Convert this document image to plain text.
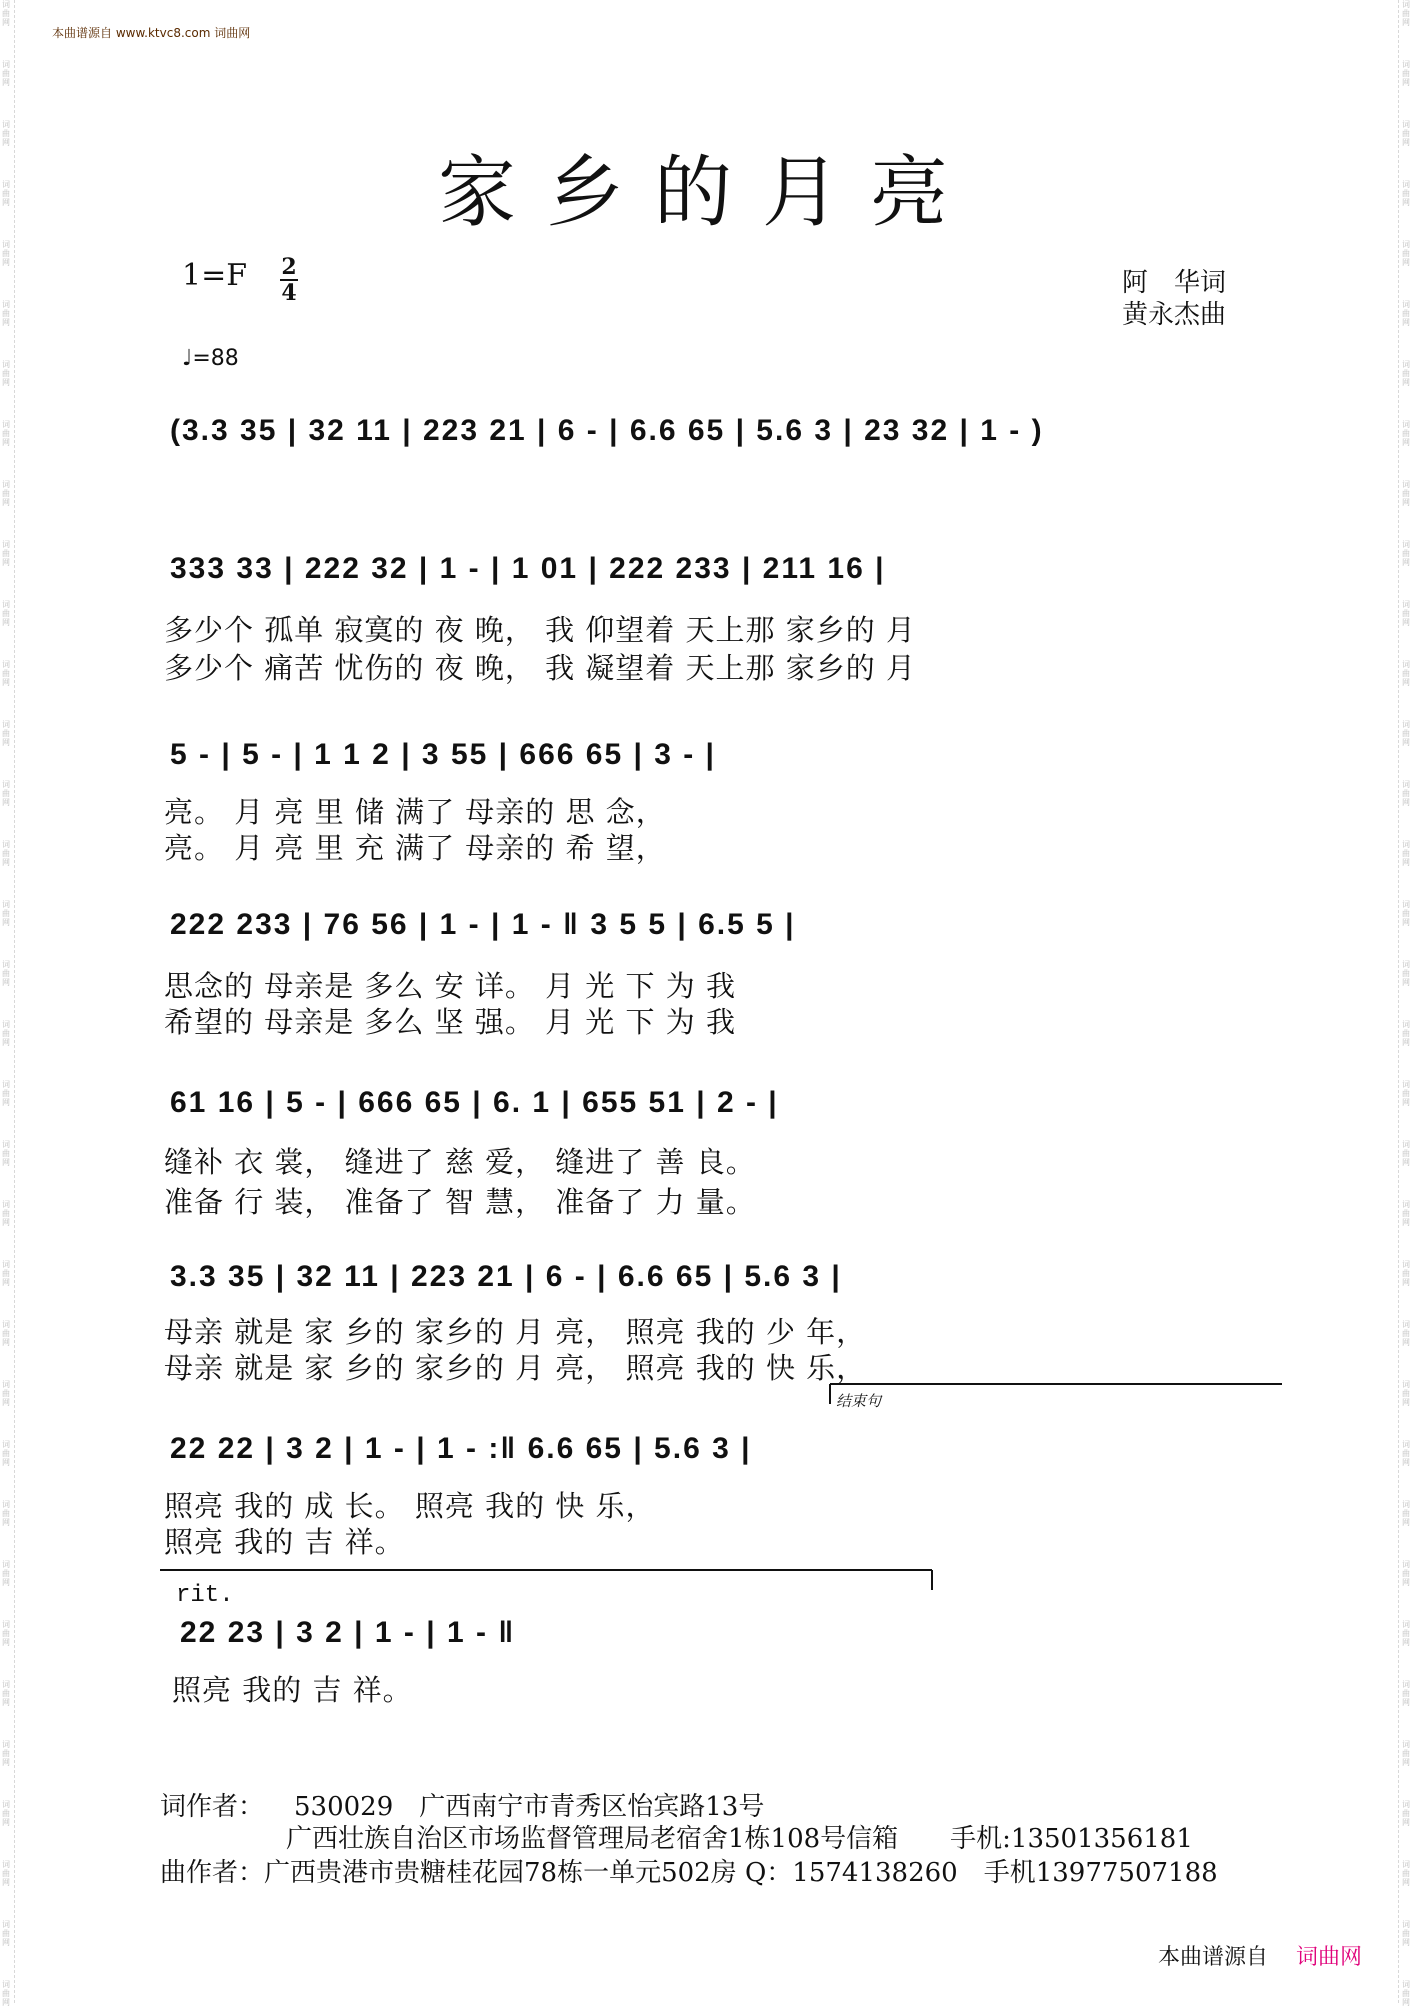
词
曲
网
词
曲
网
词
曲
网
词
曲
网
词
曲
网
词
曲
网
词
曲
网
词
曲
网
词
曲
网
词
曲
网
词
曲
网
词
曲
网
词
曲
网
词
曲
网
词
曲
网
词
曲
网
词
曲
网
词
曲
网
词
曲
网
词
曲
网
词
曲
网
词
曲
网
词
曲
网
词
曲
网
词
曲
网
词
曲
网
词
曲
网
词
曲
网
词
曲
网
词
曲
网
词
曲
网
词
曲
网
词
曲
网
词
曲
网
词
曲
网
词
曲
网
词
曲
网
词
曲
网
词
曲
网
词
曲
网
词
曲
网
词
曲
网
词
曲
网
词
曲
网
词
曲
网
词
曲
网
词
曲
网
词
曲
网
词
曲
网
词
曲
网
词
曲
网
词
曲
网
词
曲
网
词
曲
网
词
曲
网
词
曲
网
词
曲
网
词
曲
网
词
曲
网
词
曲
网
词
曲
网
词
曲
网
词
曲
网
词
曲
网
词
曲
网
词
曲
网
词
曲
网
词
曲
网
本曲谱源自 www.ktvc8.com 词曲网
家乡的月亮
1=F 2
4
♩=88
阿　华词
黄永杰曲
(3.3 35 | 32 11 | 223 21 | 6 - | 6.6 65 | 5.6 3 | 23 32 | 1 - )
333 33 | 222 32 | 1 - | 1 01 | 222 233 | 211 16 |
多少个 孤单 寂寞的 夜 晚， 我 仰望着 天上那 家乡的 月
多少个 痛苦 忧伤的 夜 晚， 我 凝望着 天上那 家乡的 月
5 - | 5 - | 1 1 2 | 3 55 | 666 65 | 3 - |
亮。 月 亮 里 储 满了 母亲的 思 念，
亮。 月 亮 里 充 满了 母亲的 希 望，
222 233 | 76 56 | 1 - | 1 - ‖ 3 5 5 | 6.5 5 |
思念的 母亲是 多么 安 详。 月 光 下 为 我
希望的 母亲是 多么 坚 强。 月 光 下 为 我
61 16 | 5 - | 666 65 | 6. 1 | 655 51 | 2 - |
缝补 衣 裳， 缝进了 慈 爱， 缝进了 善 良。
准备 行 装， 准备了 智 慧， 准备了 力 量。
3.3 35 | 32 11 | 223 21 | 6 - | 6.6 65 | 5.6 3 |
母亲 就是 家 乡的 家乡的 月 亮， 照亮 我的 少 年，
母亲 就是 家 乡的 家乡的 月 亮， 照亮 我的 快 乐，
结束句
22 22 | 3 2 | 1 - | 1 - :‖ 6.6 65 | 5.6 3 |
照亮 我的 成 长。 照亮 我的 快 乐，
照亮 我的 吉 祥。
rit.
22 23 | 3 2 | 1 - | 1 - ‖
照亮 我的 吉 祥。
词作者： 530029　广西南宁市青秀区怡宾路13号
广西壮族自治区市场监督管理局老宿舍1栋108号信箱　　手机:13501356181
曲作者：广西贵港市贵糖桂花园78栋一单元502房 Q：1574138260　手机13977507188
本曲谱源自 词曲网
